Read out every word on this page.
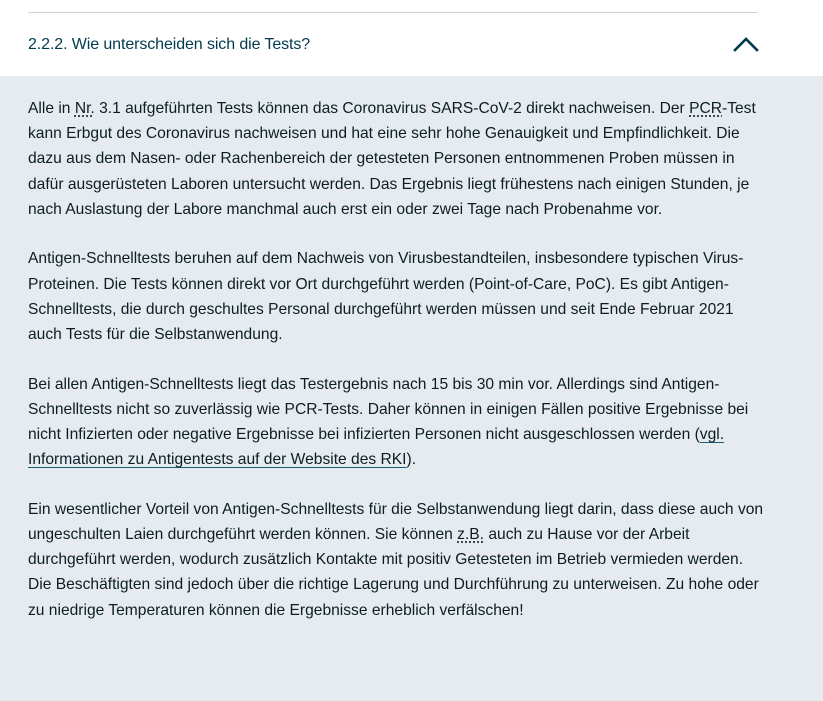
2.2.2. Wie unterscheiden sich die Tests?

Alle in Nr. 3.1 aufgeführten Tests können das Coronavirus SARS-CoV-2 direkt nachweisen. Der PCR-Test kann Erbgut des Coronavirus nachweisen und hat eine sehr hohe Genauigkeit und Empfindlichkeit. Die dazu aus dem Nasen- oder Rachenbereich der getesteten Personen entnommenen Proben müssen in dafür ausgerüsteten Laboren untersucht werden. Das Ergebnis liegt frühestens nach einigen Stunden, je nach Auslastung der Labore manchmal auch erst ein oder zwei Tage nach Probenahme vor.

Antigen-Schnelltests beruhen auf dem Nachweis von Virusbestandteilen, insbesondere typischen Virus-Proteinen. Die Tests können direkt vor Ort durchgeführt werden (Point-of-Care, PoC). Es gibt Antigen-Schnelltests, die durch geschultes Personal durchgeführt werden müssen und seit Ende Februar 2021 auch Tests für die Selbstanwendung.

Bei allen Antigen-Schnelltests liegt das Testergebnis nach 15 bis 30 min vor. Allerdings sind Antigen-Schnelltests nicht so zuverlässig wie PCR-Tests. Daher können in einigen Fällen positive Ergebnisse bei nicht Infizierten oder negative Ergebnisse bei infizierten Personen nicht ausgeschlossen werden (vgl. Informationen zu Antigentests auf der Website des RKI).

Ein wesentlicher Vorteil von Antigen-Schnelltests für die Selbstanwendung liegt darin, dass diese auch von ungeschulten Laien durchgeführt werden können. Sie können z.B. auch zu Hause vor der Arbeit durchgeführt werden, wodurch zusätzlich Kontakte mit positiv Getesteten im Betrieb vermieden werden. Die Beschäftigten sind jedoch über die richtige Lagerung und Durchführung zu unterweisen. Zu hohe oder zu niedrige Temperaturen können die Ergebnisse erheblich verfälschen!
